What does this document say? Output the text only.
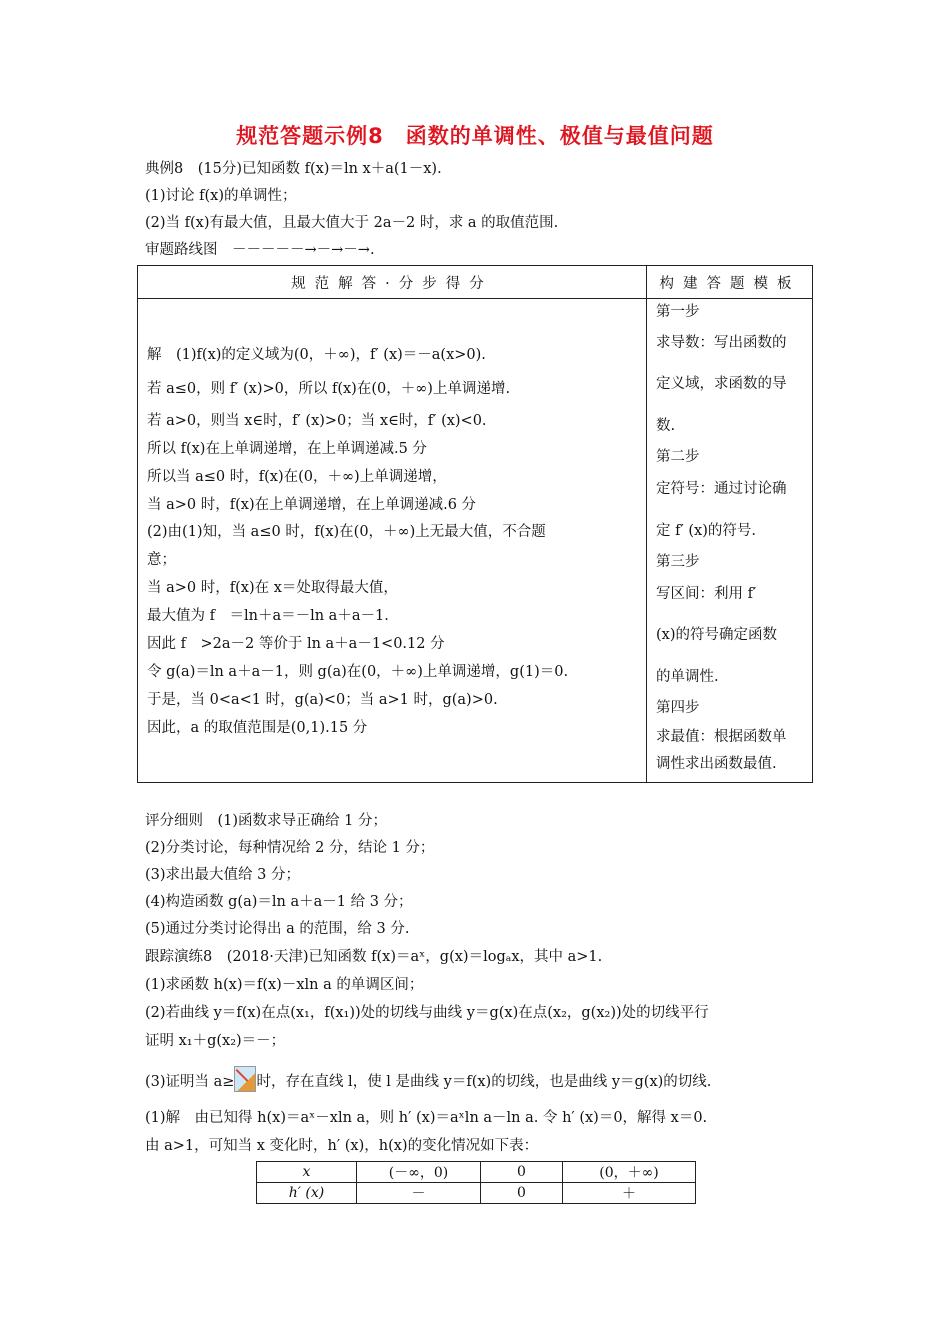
规范答题示例8　函数的单调性、极值与最值问题
典例8　(15分)已知函数 f(x)＝ln x＋a(1－x).
(1)讨论 f(x)的单调性；
(2)当 f(x)有最大值，且最大值大于 2a－2 时，求 a 的取值范围.
审题路线图　－－－－－→－→－→.
规范解答·分步得分	构建答题模板
解　(1)f(x)的定义域为(0，＋∞)，f′ (x)＝－a(x>0).
若 a≤0，则 f′ (x)>0，所以 f(x)在(0，＋∞)上单调递增.
若 a>0，则当 x∈时，f′ (x)>0；当 x∈时，f′ (x)<0.
所以 f(x)在上单调递增，在上单调递减.5 分
所以当 a≤0 时，f(x)在(0，＋∞)上单调递增，
当 a>0 时，f(x)在上单调递增，在上单调递减.6 分
(2)由(1)知，当 a≤0 时，f(x)在(0，＋∞)上无最大值，不合题
意；
当 a>0 时，f(x)在 x＝处取得最大值，
最大值为 f　＝ln＋a＝－ln a＋a－1.
因此 f　>2a－2 等价于 ln a＋a－1<0.12 分
令 g(a)＝ln a＋a－1，则 g(a)在(0，＋∞)上单调递增，g(1)＝0.
于是，当 0<a<1 时，g(a)<0；当 a>1 时，g(a)>0.
因此，a 的取值范围是(0,1).15 分
第一步
求导数：写出函数的
定义域，求函数的导
数.
第二步
定符号：通过讨论确
定 f′ (x)的符号.
第三步
写区间：利用 f′
(x)的符号确定函数
的单调性.
第四步
求最值：根据函数单
调性求出函数最值.
评分细则　(1)函数求导正确给 1 分；
(2)分类讨论，每种情况给 2 分，结论 1 分；
(3)求出最大值给 3 分；
(4)构造函数 g(a)＝ln a＋a－1 给 3 分；
(5)通过分类讨论得出 a 的范围，给 3 分.
跟踪演练8　(2018·天津)已知函数 f(x)＝aˣ，g(x)＝logₐx，其中 a>1.
(1)求函数 h(x)＝f(x)－xln a 的单调区间；
(2)若曲线 y＝f(x)在点(x₁，f(x₁))处的切线与曲线 y＝g(x)在点(x₂，g(x₂))处的切线平行
证明 x₁＋g(x₂)＝－；
(3)证明当 a≥ 时，存在直线 l，使 l 是曲线 y＝f(x)的切线，也是曲线 y＝g(x)的切线.
(1)解　由已知得 h(x)＝aˣ－xln a，则 h′ (x)＝aˣln a－ln a. 令 h′ (x)＝0，解得 x＝0.
由 a>1，可知当 x 变化时，h′ (x)，h(x)的变化情况如下表：
x	(－∞，0)	0	(0，＋∞)
h′ (x)	－	0	＋
